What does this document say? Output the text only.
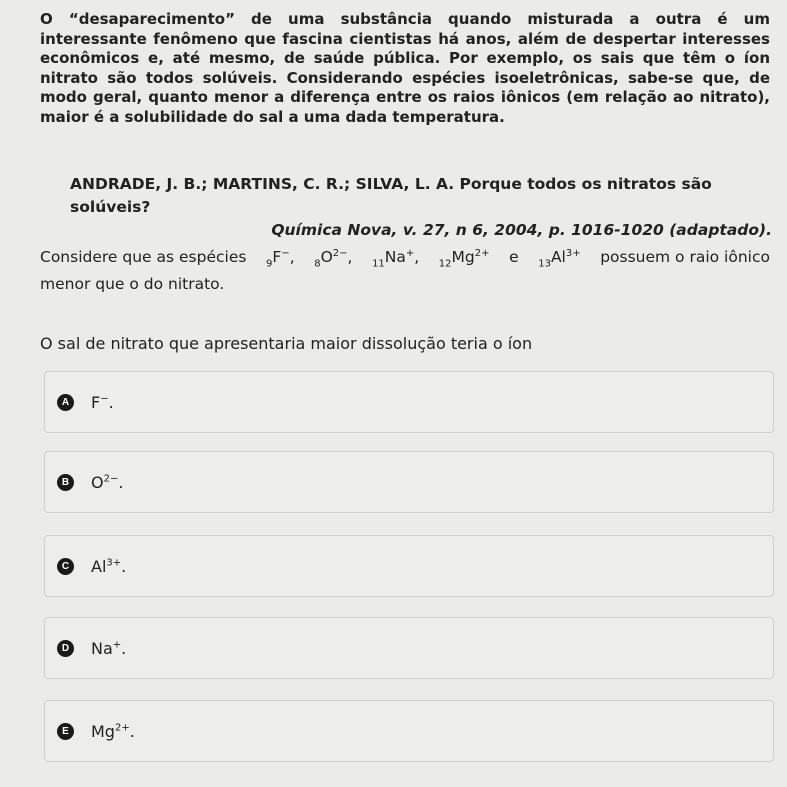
O “desaparecimento” de uma substância quando misturada a outra é um interessante fenômeno que fascina cientistas há anos, além de despertar interesses econômicos e, até mesmo, de saúde pública. Por exemplo, os sais que têm o íon nitrato são todos solúveis. Considerando espécies isoeletrônicas, sabe-se que, de modo geral, quanto menor a diferença entre os raios iônicos (em relação ao nitrato), maior é a solubilidade do sal a uma dada temperatura.
ANDRADE, J. B.; MARTINS, C. R.; SILVA, L. A. Porque todos os nitratos são solúveis?
Química Nova, v. 27, n 6, 2004, p. 1016-1020 (adaptado).
Considere que as espécies $_9$F−, $_8O^{2-}$, $_{11}$Na+, $_{12}Mg^{2+}$ e $_{13}Al^{3+}$ possuem o raio iônico
menor que o do nitrato.
O sal de nitrato que apresentaria maior dissolução teria o íon
A	F−.
B	$O^{2-}$.
C	$Al^{3+}$.
D	Na+.
E	$Mg^{2+}$.
